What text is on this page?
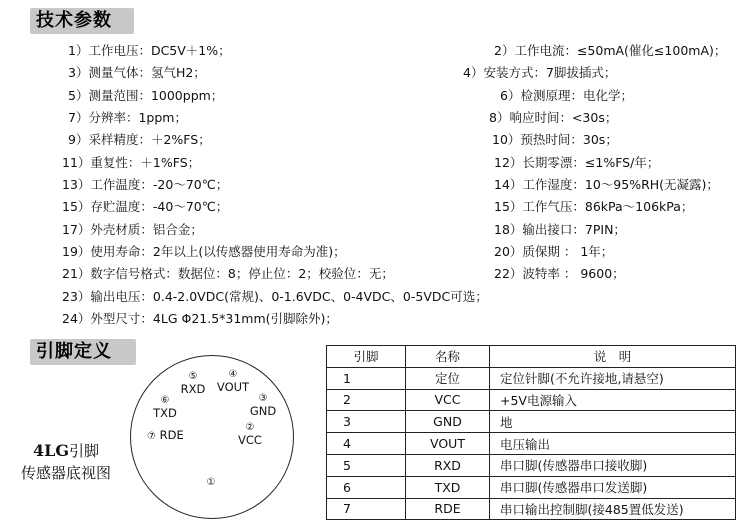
技术参数
1）工作电压：DC5V＋1%；
3）测量气体：氢气H2；
5）测量范围：1000ppm；
7）分辨率：1ppm；
9）采样精度：＋2%FS；
11）重复性：＋1%FS；
13）工作温度：-20～70℃；
15）存贮温度：-40～70℃；
17）外壳材质：铝合金；
19）使用寿命：2年以上(以传感器使用寿命为准)；
21）数字信号格式：数据位：8；停止位：2；校验位：无；
23）输出电压：0.4-2.0VDC(常规)、0-1.6VDC、0-4VDC、0-5VDC可选；
24）外型尺寸：4LG Φ21.5*31mm(引脚除外)；
2）工作电流：≤50mA(催化≤100mA)；
4）安装方式：7脚拔插式；
6）检测原理：电化学；
8）响应时间：<30s；
10）预热时间：30s；
12）长期零漂：≤1%FS/年；
14）工作湿度：10～95%RH(无凝露)；
15）工作气压：86kPa～106kPa；
18）输出接口：7PIN；
20）质保期 ： 1年；
22）波特率 ： 9600；
引脚定义
4LG引脚
传感器底视图
④
VOUT
⑤
RXD
③
GND
⑥
TXD
②
VCC
⑦ RDE
①
引脚	名称	说　明
1	定位	定位针脚(不允许接地,请悬空)
2	VCC	+5V电源输入
3	GND	地
4	VOUT	电压输出
5	RXD	串口脚(传感器串口接收脚)
6	TXD	串口脚(传感器串口发送脚)
7	RDE	串口输出控制脚(接485置低发送)
